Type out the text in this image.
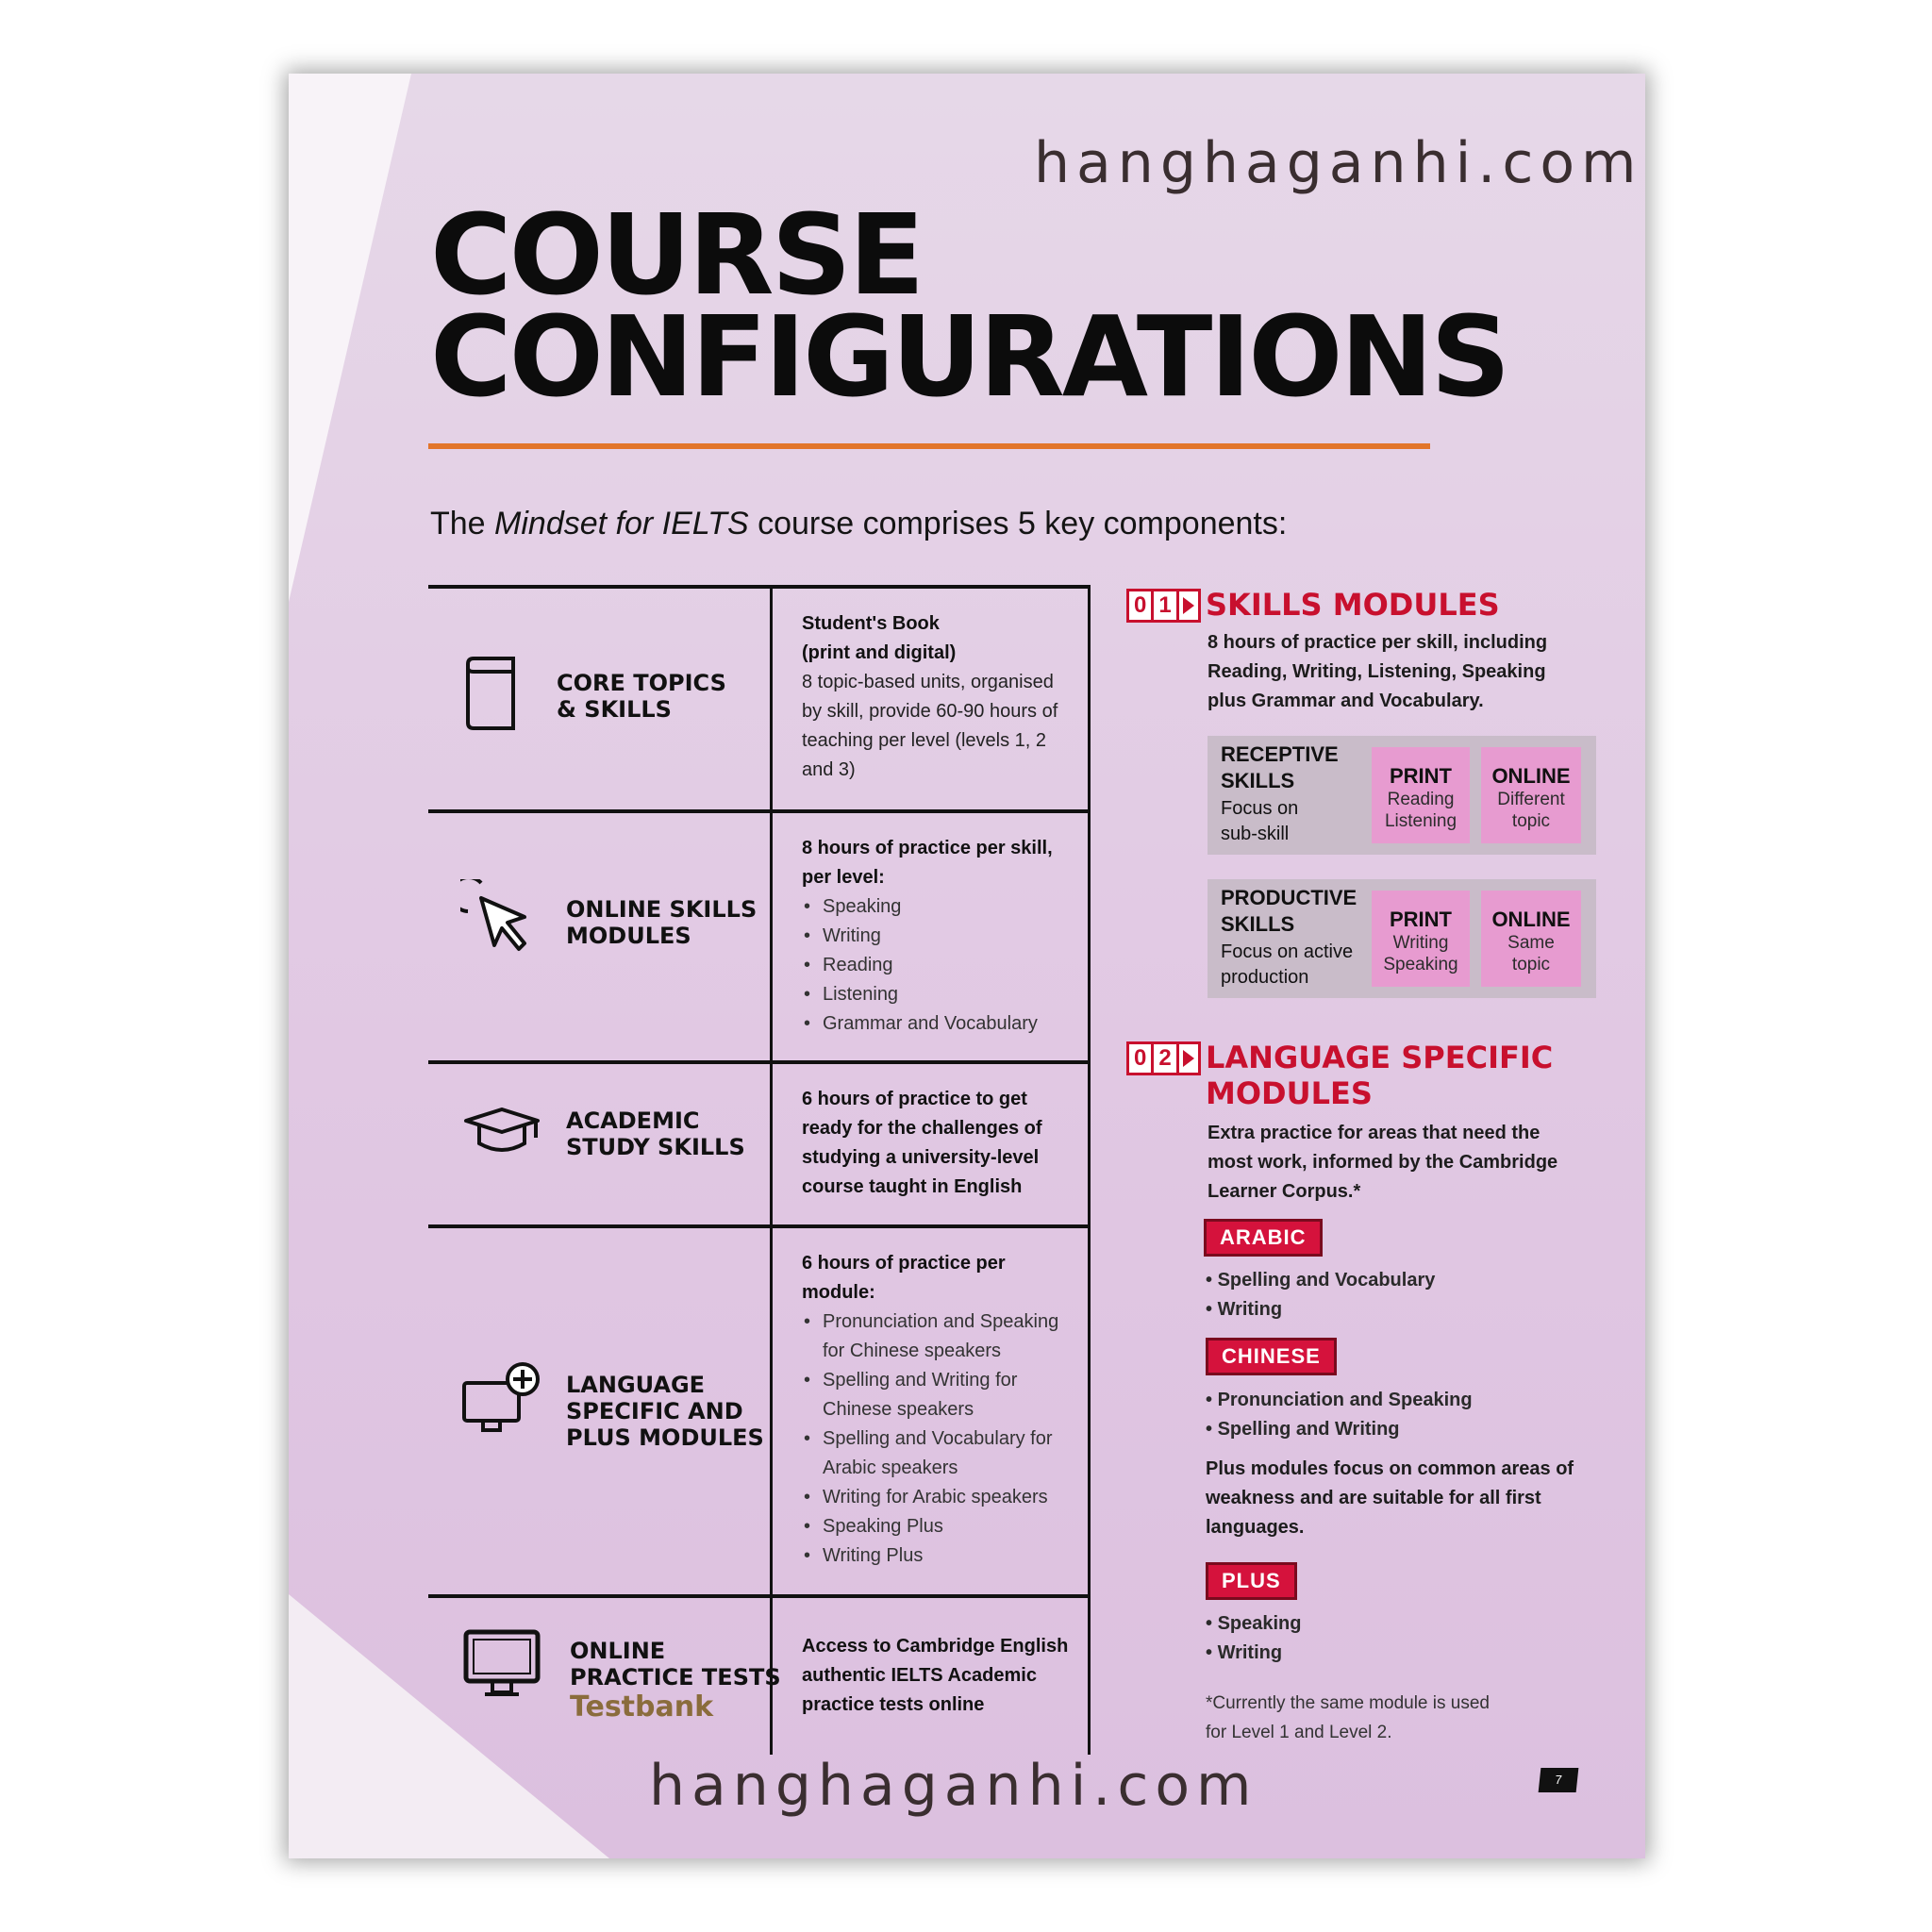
hanghaganhi.com
COURSE
CONFIGURATIONS
The Mindset for IELTS course comprises 5 key components:
CORE TOPICS
& SKILLS
Student's Book
(print and digital)
8 topic-based units, organised
by skill, provide 60-90 hours of
teaching per level (levels 1, 2
and 3)
ONLINE SKILLS
MODULES
8 hours of practice per skill,
per level:
• Speaking
• Writing
• Reading
• Listening
• Grammar and Vocabulary
ACADEMIC
STUDY SKILLS
6 hours of practice to get
ready for the challenges of
studying a university-level
course taught in English
LANGUAGE
SPECIFIC AND
PLUS MODULES
6 hours of practice per
module:
• Pronunciation and Speaking for Chinese speakers
• Spelling and Writing for Chinese speakers
• Spelling and Vocabulary for Arabic speakers
• Writing for Arabic speakers
• Speaking Plus
• Writing Plus
ONLINE
PRACTICE TESTS
Testbank
Access to Cambridge English
authentic IELTS Academic
practice tests online
0 1 SKILLS MODULES
8 hours of practice per skill, including
Reading, Writing, Listening, Speaking
plus Grammar and Vocabulary.
RECEPTIVE
SKILLS
Focus on
sub-skill
PRINT
Reading
Listening
ONLINE
Different
topic
PRODUCTIVE
SKILLS
Focus on active
production
PRINT
Writing
Speaking
ONLINE
Same
topic
0 2 LANGUAGE SPECIFIC
MODULES
Extra practice for areas that need the
most work, informed by the Cambridge
Learner Corpus.*
ARABIC
• Spelling and Vocabulary
• Writing
CHINESE
• Pronunciation and Speaking
• Spelling and Writing
Plus modules focus on common areas of
weakness and are suitable for all first
languages.
PLUS
• Speaking
• Writing
*Currently the same module is used
for Level 1 and Level 2.
7
hanghaganhi.com
